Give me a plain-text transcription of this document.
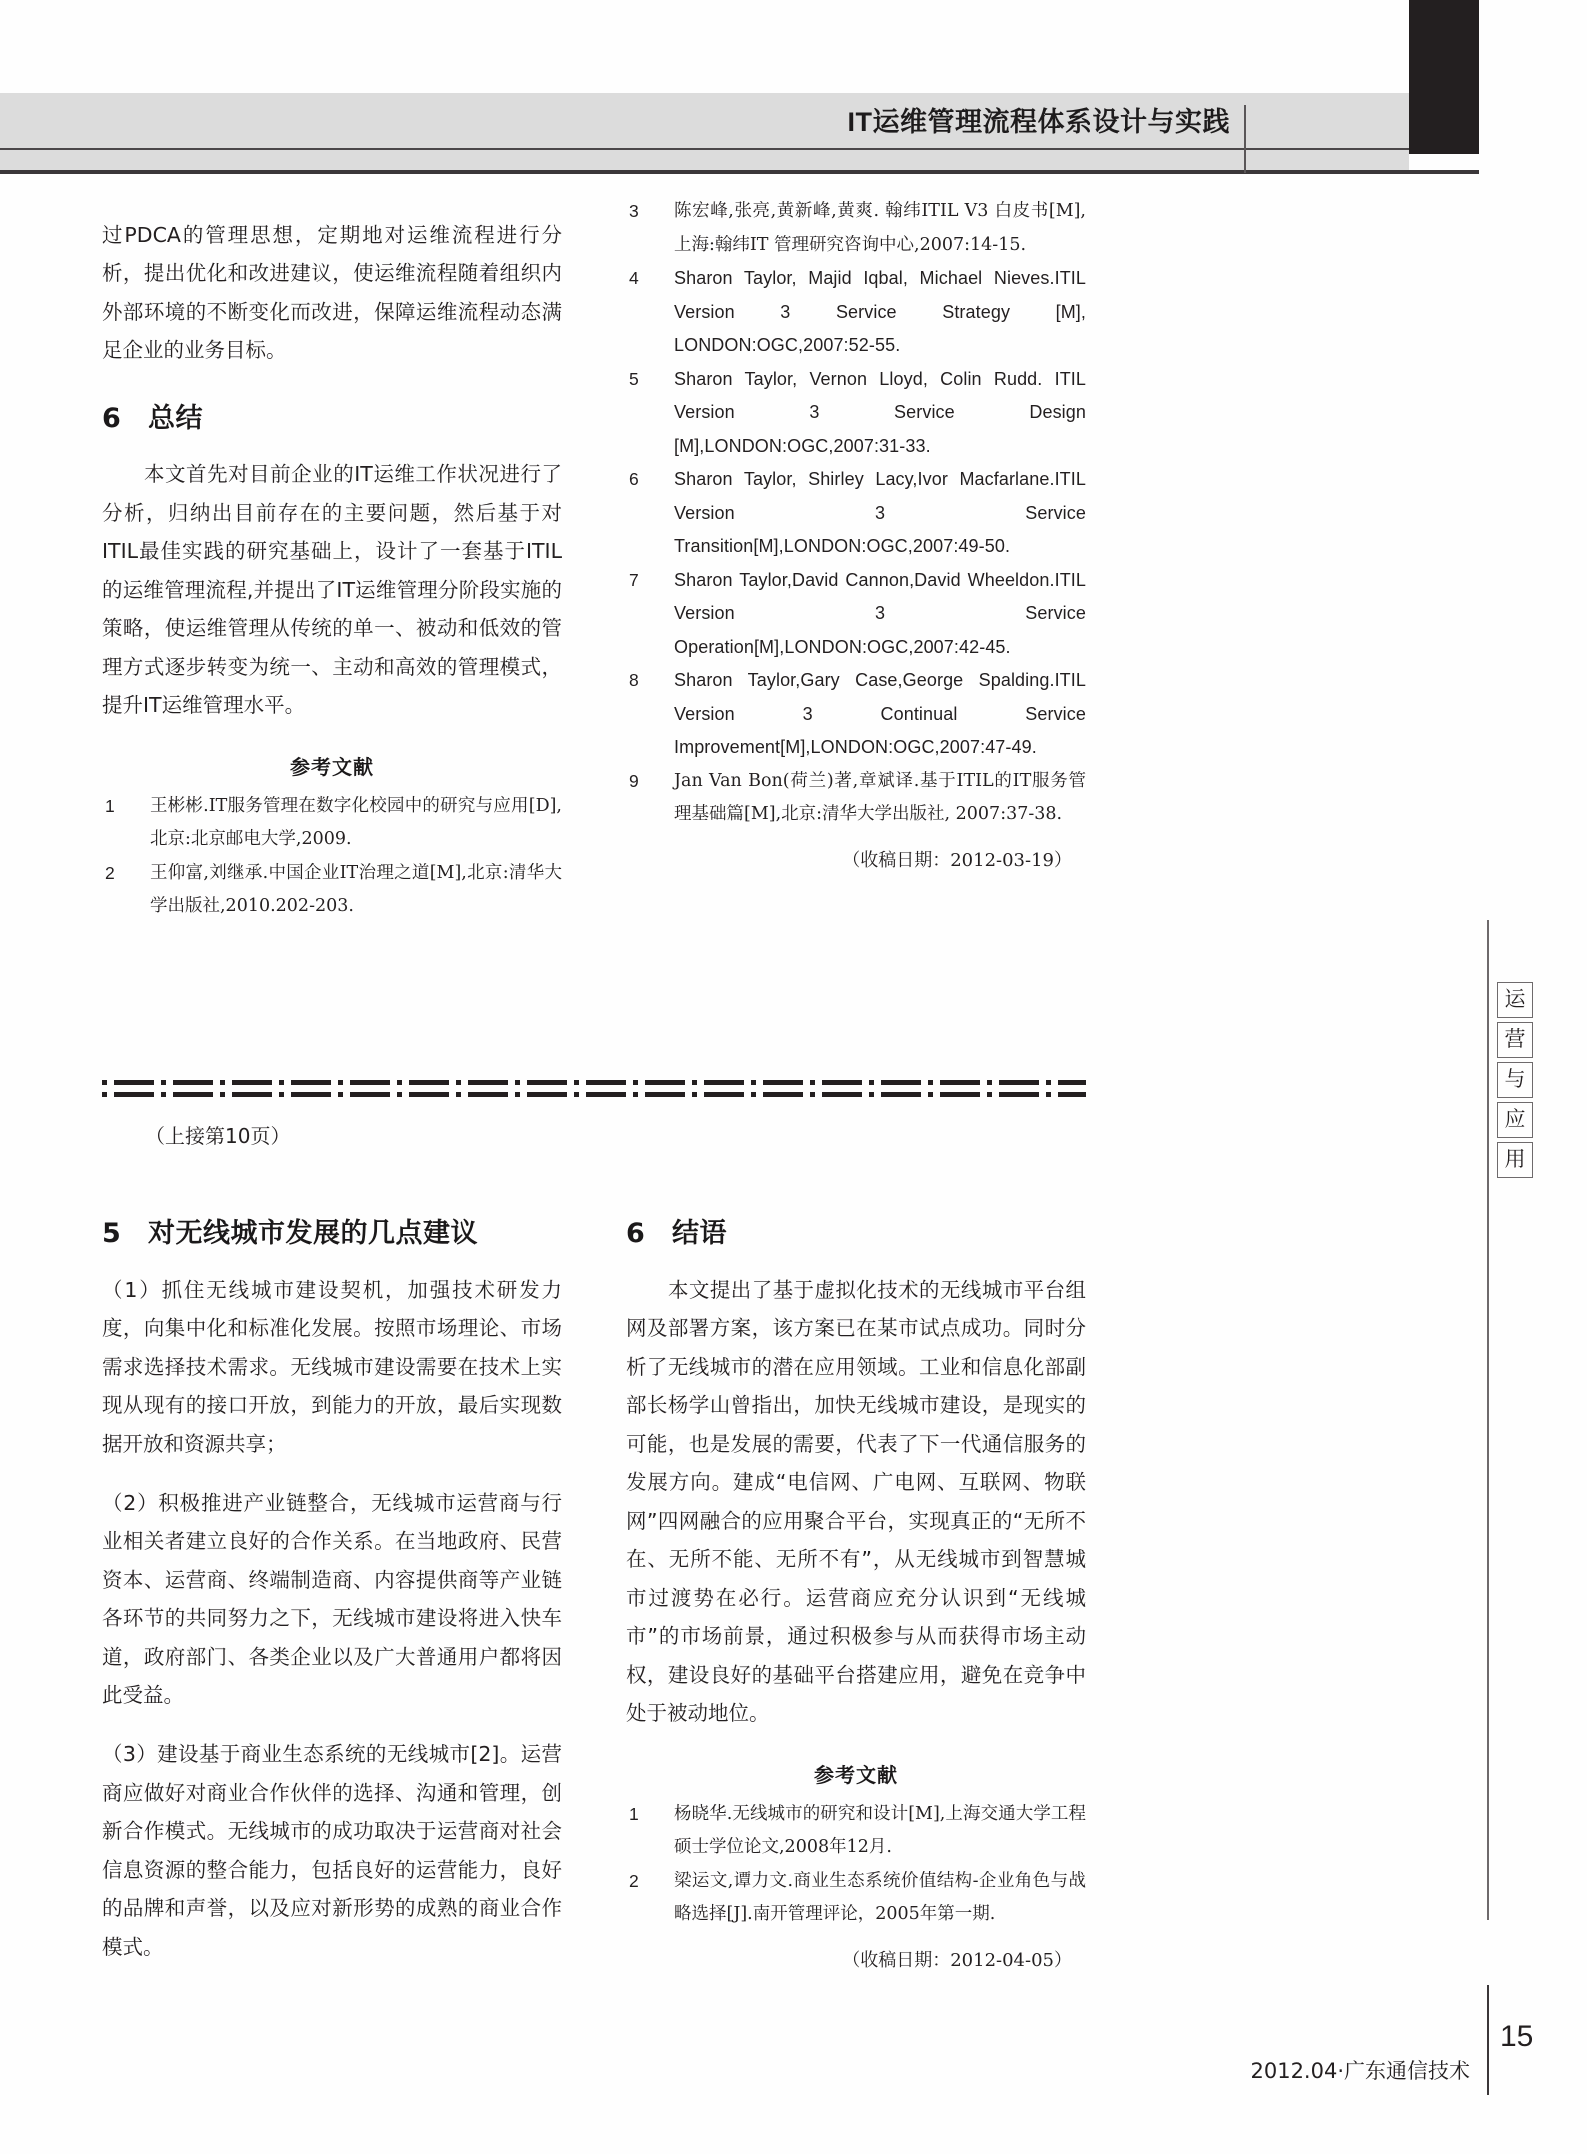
IT运维管理流程体系设计与实践

过PDCA的管理思想，定期地对运维流程进行分析，提出优化和改进建议，使运维流程随着组织内外部环境的不断变化而改进，保障运维流程动态满足企业的业务目标。

6 总结

本文首先对目前企业的IT运维工作状况进行了分析，归纳出目前存在的主要问题，然后基于对ITIL最佳实践的研究基础上，设计了一套基于ITIL的运维管理流程,并提出了IT运维管理分阶段实施的策略，使运维管理从传统的单一、被动和低效的管理方式逐步转变为统一、主动和高效的管理模式，提升IT运维管理水平。

参考文献
1	王彬彬.IT服务管理在数字化校园中的研究与应用[D],北京:北京邮电大学,2009.
2	王仰富,刘继承.中国企业IT治理之道[M],北京:清华大学出版社,2010.202-203.
3	陈宏峰,张亮,黄新峰,黄爽. 翰纬ITIL V3 白皮书[M], 上海:翰纬IT 管理研究咨询中心,2007:14-15.
4	Sharon Taylor, Majid Iqbal, Michael Nieves.ITIL Version 3 Service Strategy [M], LONDON:OGC,2007:52-55.
5	Sharon Taylor, Vernon Lloyd, Colin Rudd. ITIL Version 3 Service Design [M],LONDON:OGC,2007:31-33.
6	Sharon Taylor, Shirley Lacy,Ivor Macfarlane.ITIL Version 3 Service Transition[M],LONDON:OGC,2007:49-50.
7	Sharon Taylor,David Cannon,David Wheeldon.ITIL Version 3 Service Operation[M],LONDON:OGC,2007:42-45.
8	Sharon Taylor,Gary Case,George Spalding.ITIL Version 3 Continual Service Improvement[M],LONDON:OGC,2007:47-49.
9	Jan Van Bon(荷兰)著,章斌译.基于ITIL的IT服务管理基础篇[M],北京:清华大学出版社, 2007:37-38.
（收稿日期：2012-03-19）
（上接第10页）
5 对无线城市发展的几点建议

（1）抓住无线城市建设契机，加强技术研发力度，向集中化和标准化发展。按照市场理论、市场需求选择技术需求。无线城市建设需要在技术上实现从现有的接口开放，到能力的开放，最后实现数据开放和资源共享；

（2）积极推进产业链整合，无线城市运营商与行业相关者建立良好的合作关系。在当地政府、民营资本、运营商、终端制造商、内容提供商等产业链各环节的共同努力之下，无线城市建设将进入快车道，政府部门、各类企业以及广大普通用户都将因此受益。

（3）建设基于商业生态系统的无线城市[2]。运营商应做好对商业合作伙伴的选择、沟通和管理，创新合作模式。无线城市的成功取决于运营商对社会信息资源的整合能力，包括良好的运营能力，良好的品牌和声誉，以及应对新形势的成熟的商业合作模式。

6 结语

本文提出了基于虚拟化技术的无线城市平台组网及部署方案，该方案已在某市试点成功。同时分析了无线城市的潜在应用领域。工业和信息化部副部长杨学山曾指出，加快无线城市建设，是现实的可能，也是发展的需要，代表了下一代通信服务的发展方向。建成“电信网、广电网、互联网、物联网”四网融合的应用聚合平台，实现真正的“无所不在、无所不能、无所不有”，从无线城市到智慧城市过渡势在必行。运营商应充分认识到“无线城市”的市场前景，通过积极参与从而获得市场主动权，建设良好的基础平台搭建应用，避免在竞争中处于被动地位。

参考文献
1	杨晓华.无线城市的研究和设计[M],上海交通大学工程硕士学位论文,2008年12月.
2	梁运文,谭力文.商业生态系统价值结构-企业角色与战略选择[J].南开管理评论，2005年第一期.
（收稿日期：2012-04-05）
运
营
与
应
用
15
2012.04·广东通信技术
